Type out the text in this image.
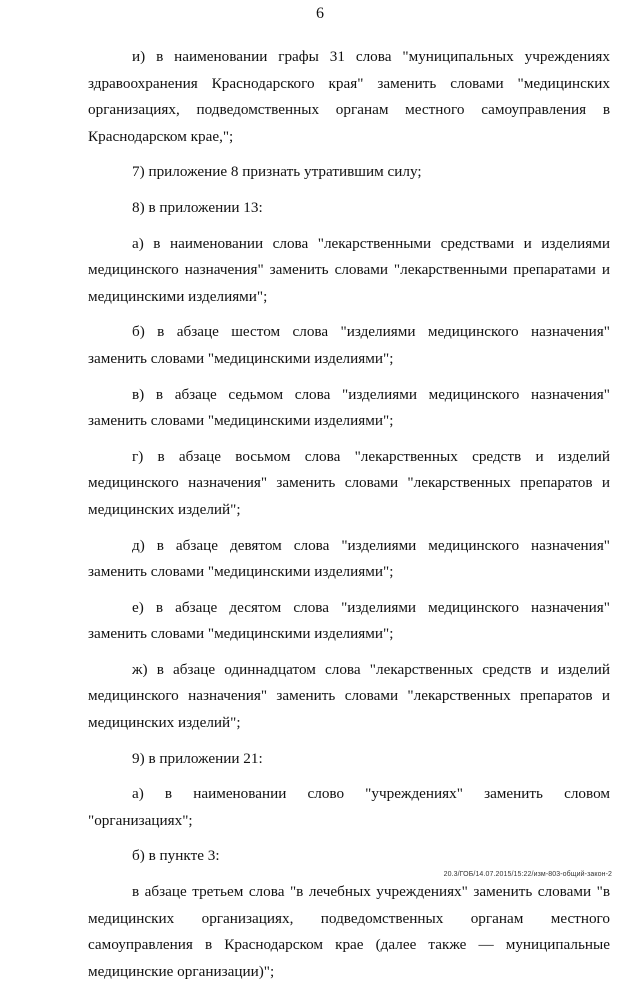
6

и) в наименовании графы 31 слова "муниципальных учреждениях здравоохранения Краснодарского края" заменить словами "медицинских организациях, подведомственных органам местного самоуправления в Краснодарском крае,";

7) приложение 8 признать утратившим силу;

8) в приложении 13:

а) в наименовании слова "лекарственными средствами и изделиями медицинского назначения" заменить словами "лекарственными препаратами и медицинскими изделиями";

б) в абзаце шестом слова "изделиями медицинского назначения" заменить словами "медицинскими изделиями";

в) в абзаце седьмом слова "изделиями медицинского назначения" заменить словами "медицинскими изделиями";

г) в абзаце восьмом слова "лекарственных средств и изделий медицинского назначения" заменить словами "лекарственных препаратов и медицинских изделий";

д) в абзаце девятом слова "изделиями медицинского назначения" заменить словами "медицинскими изделиями";

е) в абзаце десятом слова "изделиями медицинского назначения" заменить словами "медицинскими изделиями";

ж) в абзаце одиннадцатом слова "лекарственных средств и изделий медицинского назначения" заменить словами "лекарственных препаратов и медицинских изделий";

9) в приложении 21:

а) в наименовании слово "учреждениях" заменить словом "организациях";

б) в пункте 3:

в абзаце третьем слова "в лечебных учреждениях" заменить словами "в медицинских организациях, подведомственных органам местного самоуправления в Краснодарском крае (далее также — муниципальные медицинские организации)";

20.3/ГОБ/14.07.2015/15:22/изм-803-общий-закон-2
